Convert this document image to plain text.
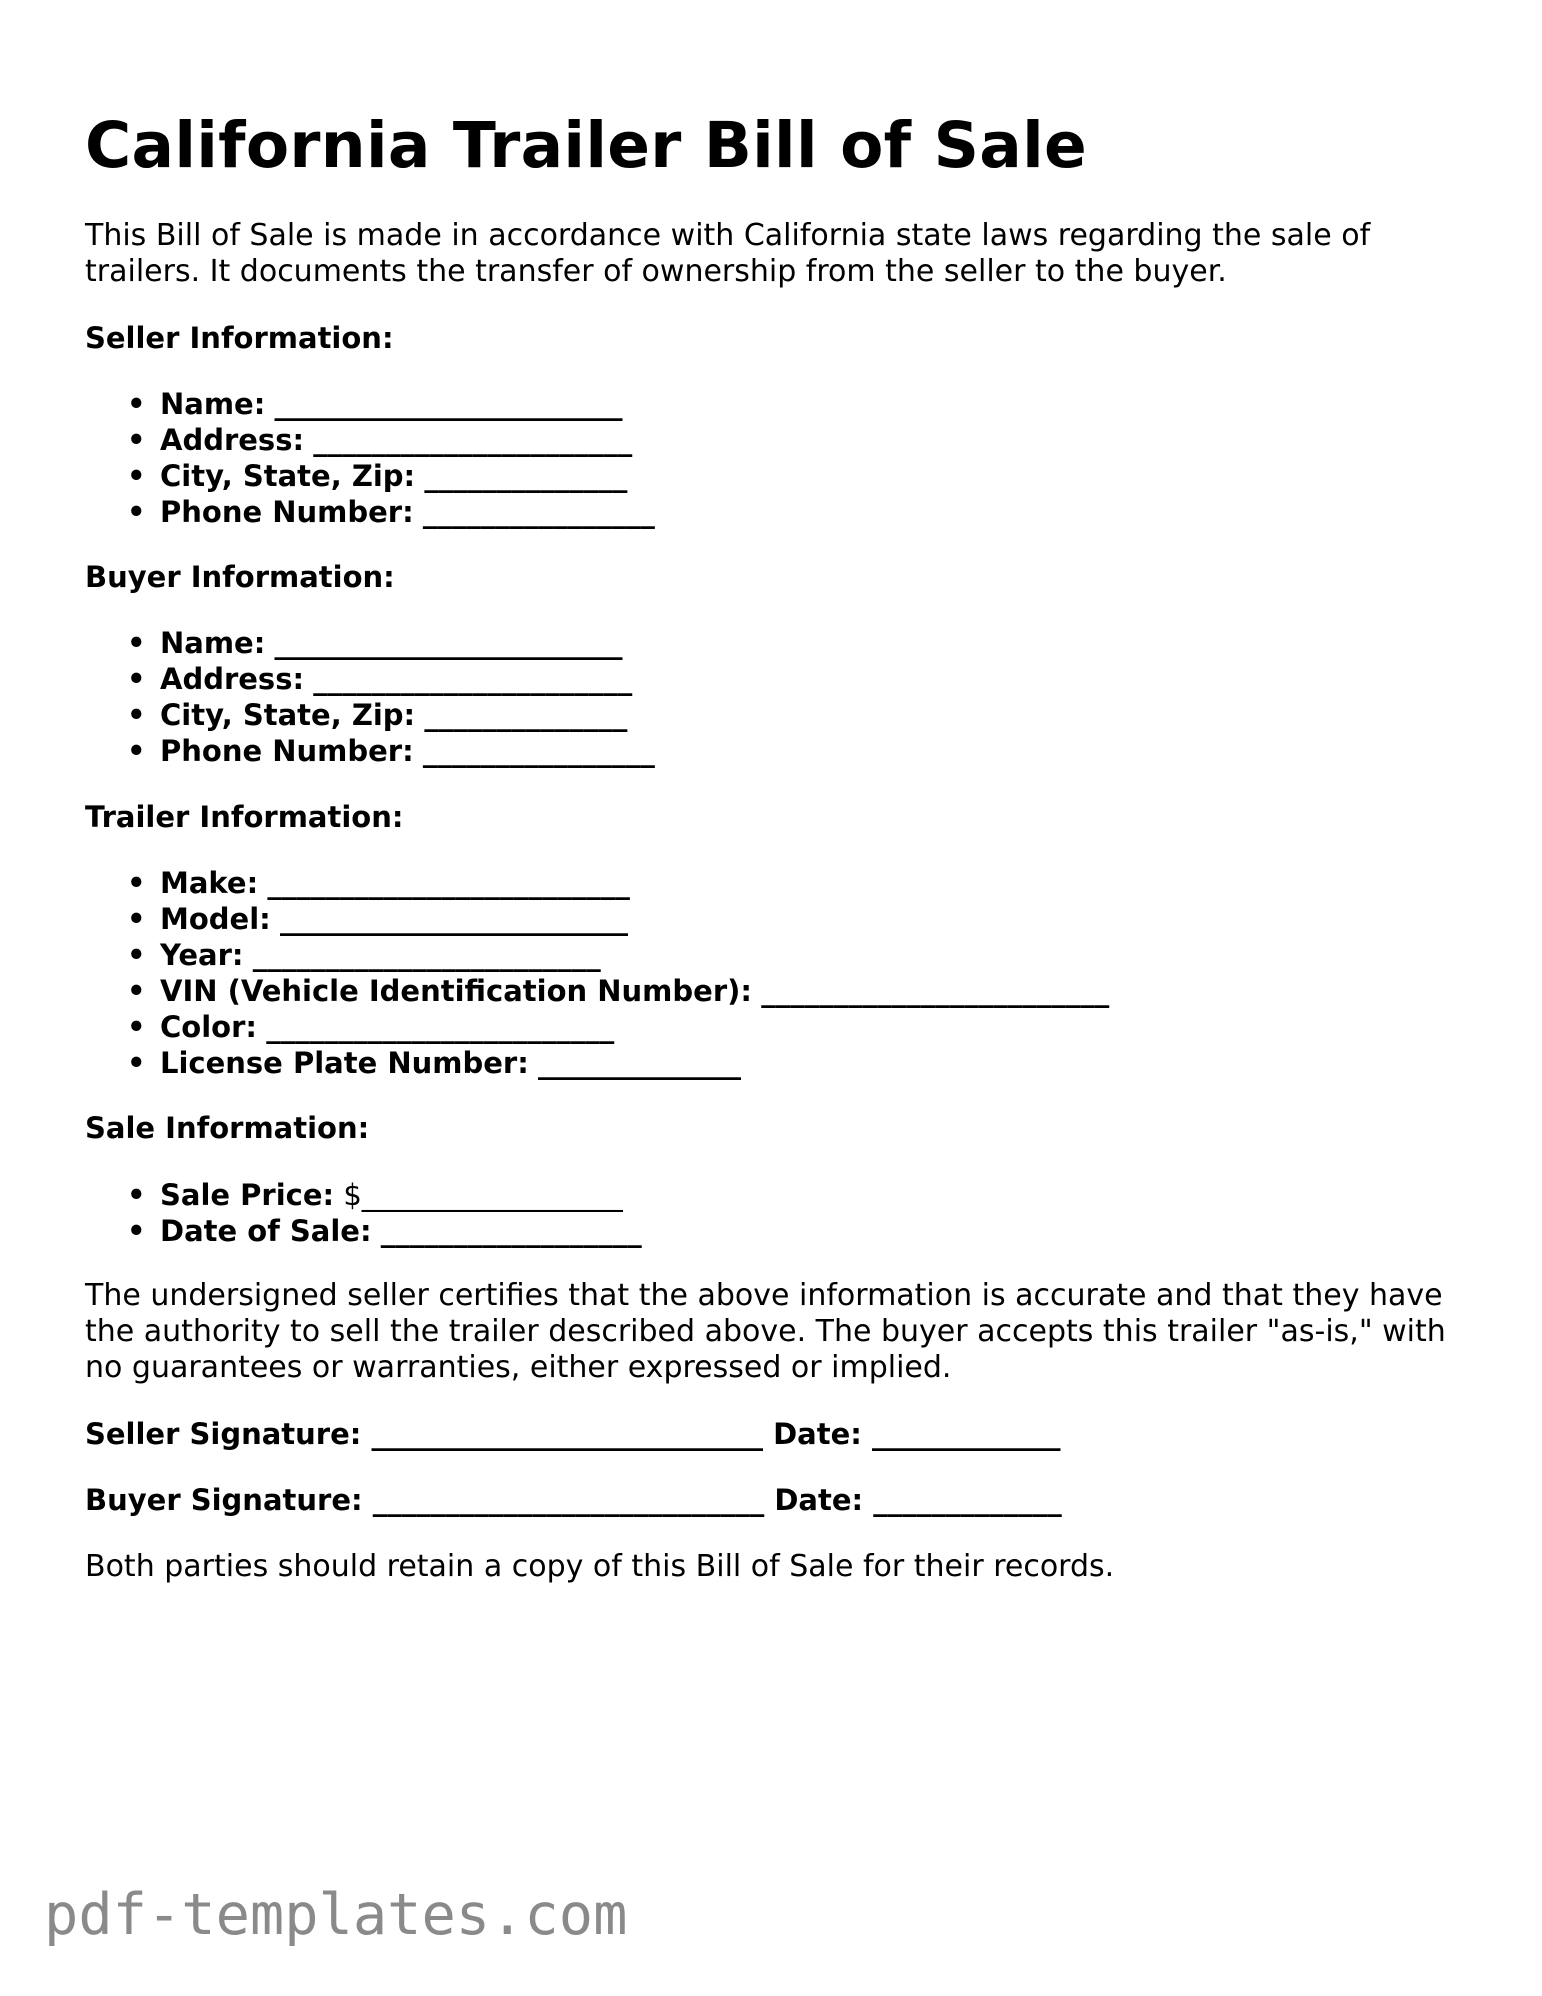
California Trailer Bill of Sale

This Bill of Sale is made in accordance with California state laws regarding the sale of trailers. It documents the transfer of ownership from the seller to the buyer.

Seller Information:

• Name: ________________________
• Address: ______________________
• City, State, Zip: ______________
• Phone Number: ________________

Buyer Information:

• Name: ________________________
• Address: ______________________
• City, State, Zip: ______________
• Phone Number: ________________

Trailer Information:

• Make: _________________________
• Model: ________________________
• Year: ________________________
• VIN (Vehicle Identification Number): ________________________
• Color: ________________________
• License Plate Number: ______________

Sale Information:

• Sale Price: $__________________
• Date of Sale: __________________

The undersigned seller certifies that the above information is accurate and that they have the authority to sell the trailer described above. The buyer accepts this trailer "as-is," with no guarantees or warranties, either expressed or implied.

Seller Signature: ___________________________ Date: _____________

Buyer Signature: ___________________________ Date: _____________

Both parties should retain a copy of this Bill of Sale for their records.

pdf-templates.com
